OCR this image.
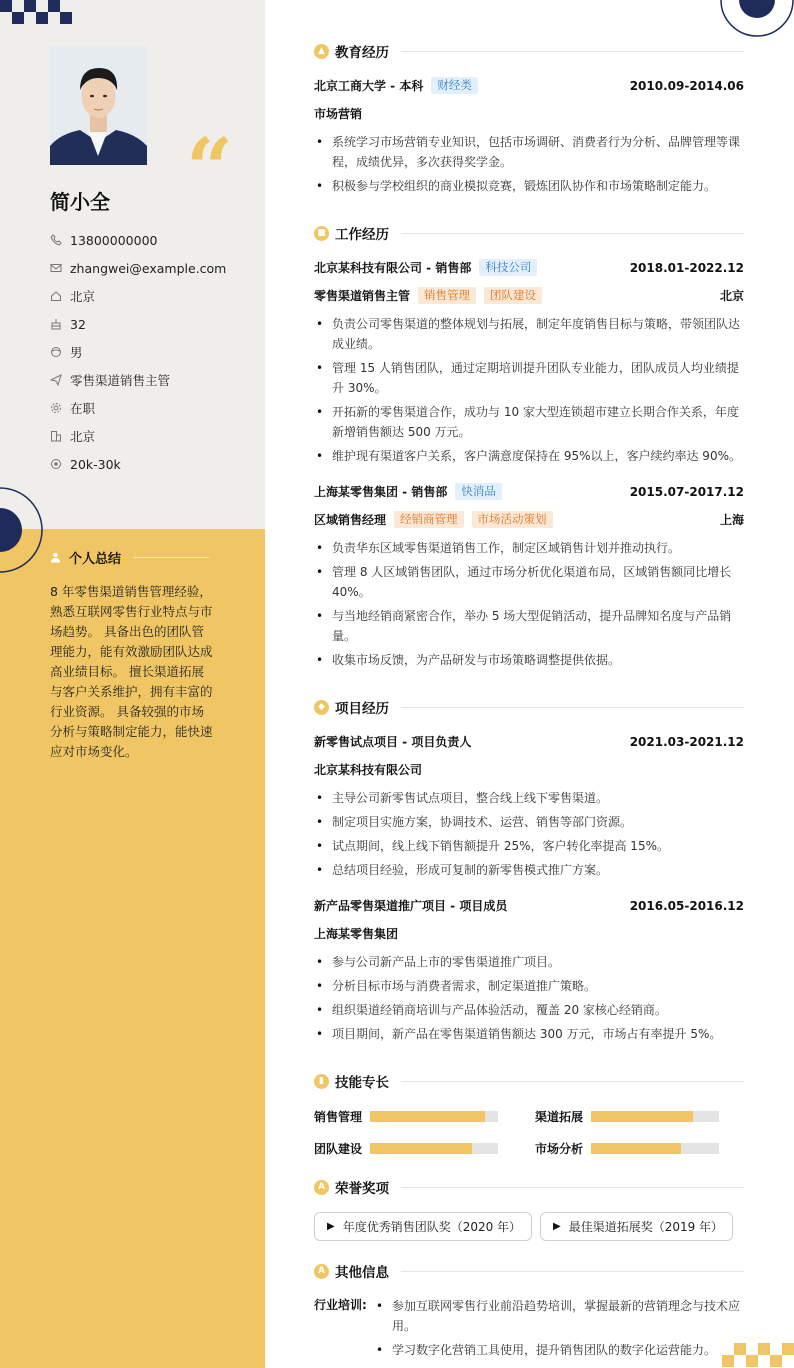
“
简小全
13800000000
zhangwei@example.com
北京
32
男
零售渠道销售主管
在职
北京
20k-30k
个人总结
8 年零售渠道销售管理经验，熟悉互联网零售行业特点与市场趋势。 具备出色的团队管理能力，能有效激励团队达成高业绩目标。 擅长渠道拓展与客户关系维护，拥有丰富的行业资源。 具备较强的市场分析与策略制定能力，能快速应对市场变化。
▲ 教育经历
北京工商大学 - 本科	财经类	2010.09-2014.06
市场营销
• 系统学习市场营销专业知识，包括市场调研、消费者行为分析、品牌管理等课程，成绩优异，多次获得奖学金。
• 积极参与学校组织的商业模拟竞赛，锻炼团队协作和市场策略制定能力。
■ 工作经历
北京某科技有限公司 - 销售部	科技公司	2018.01-2022.12
零售渠道销售主管	销售管理	团队建设	北京
• 负责公司零售渠道的整体规划与拓展，制定年度销售目标与策略，带领团队达成业绩。
• 管理 15 人销售团队，通过定期培训提升团队专业能力，团队成员人均业绩提升 30%。
• 开拓新的零售渠道合作，成功与 10 家大型连锁超市建立长期合作关系，年度新增销售额达 500 万元。
• 维护现有渠道客户关系，客户满意度保持在 95%以上，客户续约率达 90%。
上海某零售集团 - 销售部	快消品	2015.07-2017.12
区域销售经理	经销商管理	市场活动策划	上海
• 负责华东区域零售渠道销售工作，制定区域销售计划并推动执行。
• 管理 8 人区域销售团队，通过市场分析优化渠道布局，区域销售额同比增长 40%。
• 与当地经销商紧密合作，举办 5 场大型促销活动，提升品牌知名度与产品销量。
• 收集市场反馈，为产品研发与市场策略调整提供依据。
◆ 项目经历
新零售试点项目 - 项目负责人	2021.03-2021.12
北京某科技有限公司
• 主导公司新零售试点项目，整合线上线下零售渠道。
• 制定项目实施方案，协调技术、运营、销售等部门资源。
• 试点期间，线上线下销售额提升 25%，客户转化率提高 15%。
• 总结项目经验，形成可复制的新零售模式推广方案。
新产品零售渠道推广项目 - 项目成员	2016.05-2016.12
上海某零售集团
• 参与公司新产品上市的零售渠道推广项目。
• 分析目标市场与消费者需求，制定渠道推广策略。
• 组织渠道经销商培训与产品体验活动，覆盖 20 家核心经销商。
• 项目期间，新产品在零售渠道销售额达 300 万元，市场占有率提升 5%。
▮ 技能专长
销售管理	渠道拓展
团队建设	市场分析
A 荣誉奖项
▶ 年度优秀销售团队奖（2020 年）	▶ 最佳渠道拓展奖（2019 年）
A 其他信息
行业培训:
•	参加互联网零售行业前沿趋势培训，掌握最新的营销理念与技术应用。
• 学习数字化营销工具使用，提升销售团队的数字化运营能力。
